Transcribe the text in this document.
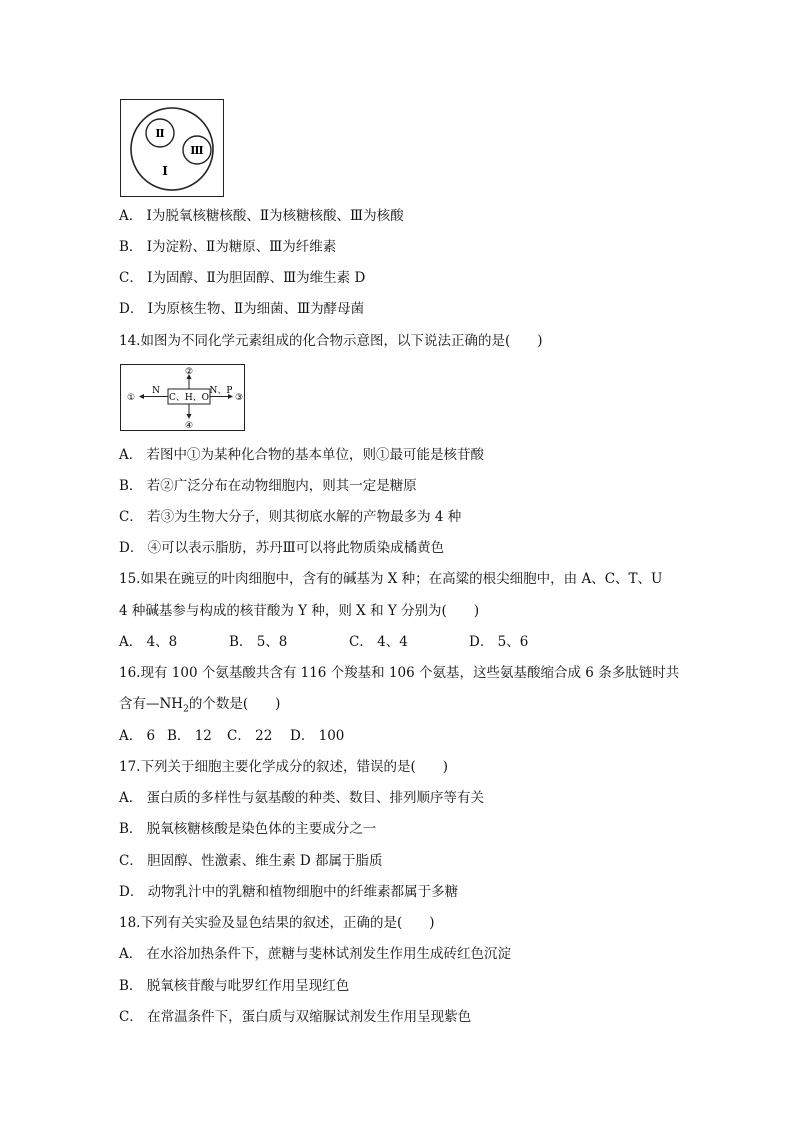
Ⅱ
Ⅲ
Ⅰ
A． Ⅰ为脱氧核糖核酸、Ⅱ为核糖核酸、Ⅲ为核酸
B． Ⅰ为淀粉、Ⅱ为糖原、Ⅲ为纤维素
C． Ⅰ为固醇、Ⅱ为胆固醇、Ⅲ为维生素 D
D． Ⅰ为原核生物、Ⅱ为细菌、Ⅲ为酵母菌
14.如图为不同化学元素组成的化合物示意图，以下说法正确的是(　　)
C、H、O
②
④
N
①
N、P
③
A． 若图中①为某种化合物的基本单位，则①最可能是核苷酸
B． 若②广泛分布在动物细胞内，则其一定是糖原
C． 若③为生物大分子，则其彻底水解的产物最多为 4 种
D． ④可以表示脂肪，苏丹Ⅲ可以将此物质染成橘黄色
15.如果在豌豆的叶肉细胞中，含有的碱基为 X 种；在高粱的根尖细胞中，由 A、C、T、U
4 种碱基参与构成的核苷酸为 Y 种，则 X 和 Y 分别为(　　)
A． 4、8	B． 5、8	C． 4、4	D． 5、6
16.现有 100 个氨基酸共含有 116 个羧基和 106 个氨基，这些氨基酸缩合成 6 条多肽链时共
含有$—NH_2$的个数是(　　)
A． 6 B． 12 C． 22 D． 100
17.下列关于细胞主要化学成分的叙述，错误的是(　　)
A． 蛋白质的多样性与氨基酸的种类、数目、排列顺序等有关
B． 脱氧核糖核酸是染色体的主要成分之一
C． 胆固醇、性激素、维生素 D 都属于脂质
D． 动物乳汁中的乳糖和植物细胞中的纤维素都属于多糖
18.下列有关实验及显色结果的叙述，正确的是(　　)
A． 在水浴加热条件下，蔗糖与斐林试剂发生作用生成砖红色沉淀
B． 脱氧核苷酸与吡罗红作用呈现红色
C． 在常温条件下，蛋白质与双缩脲试剂发生作用呈现紫色
